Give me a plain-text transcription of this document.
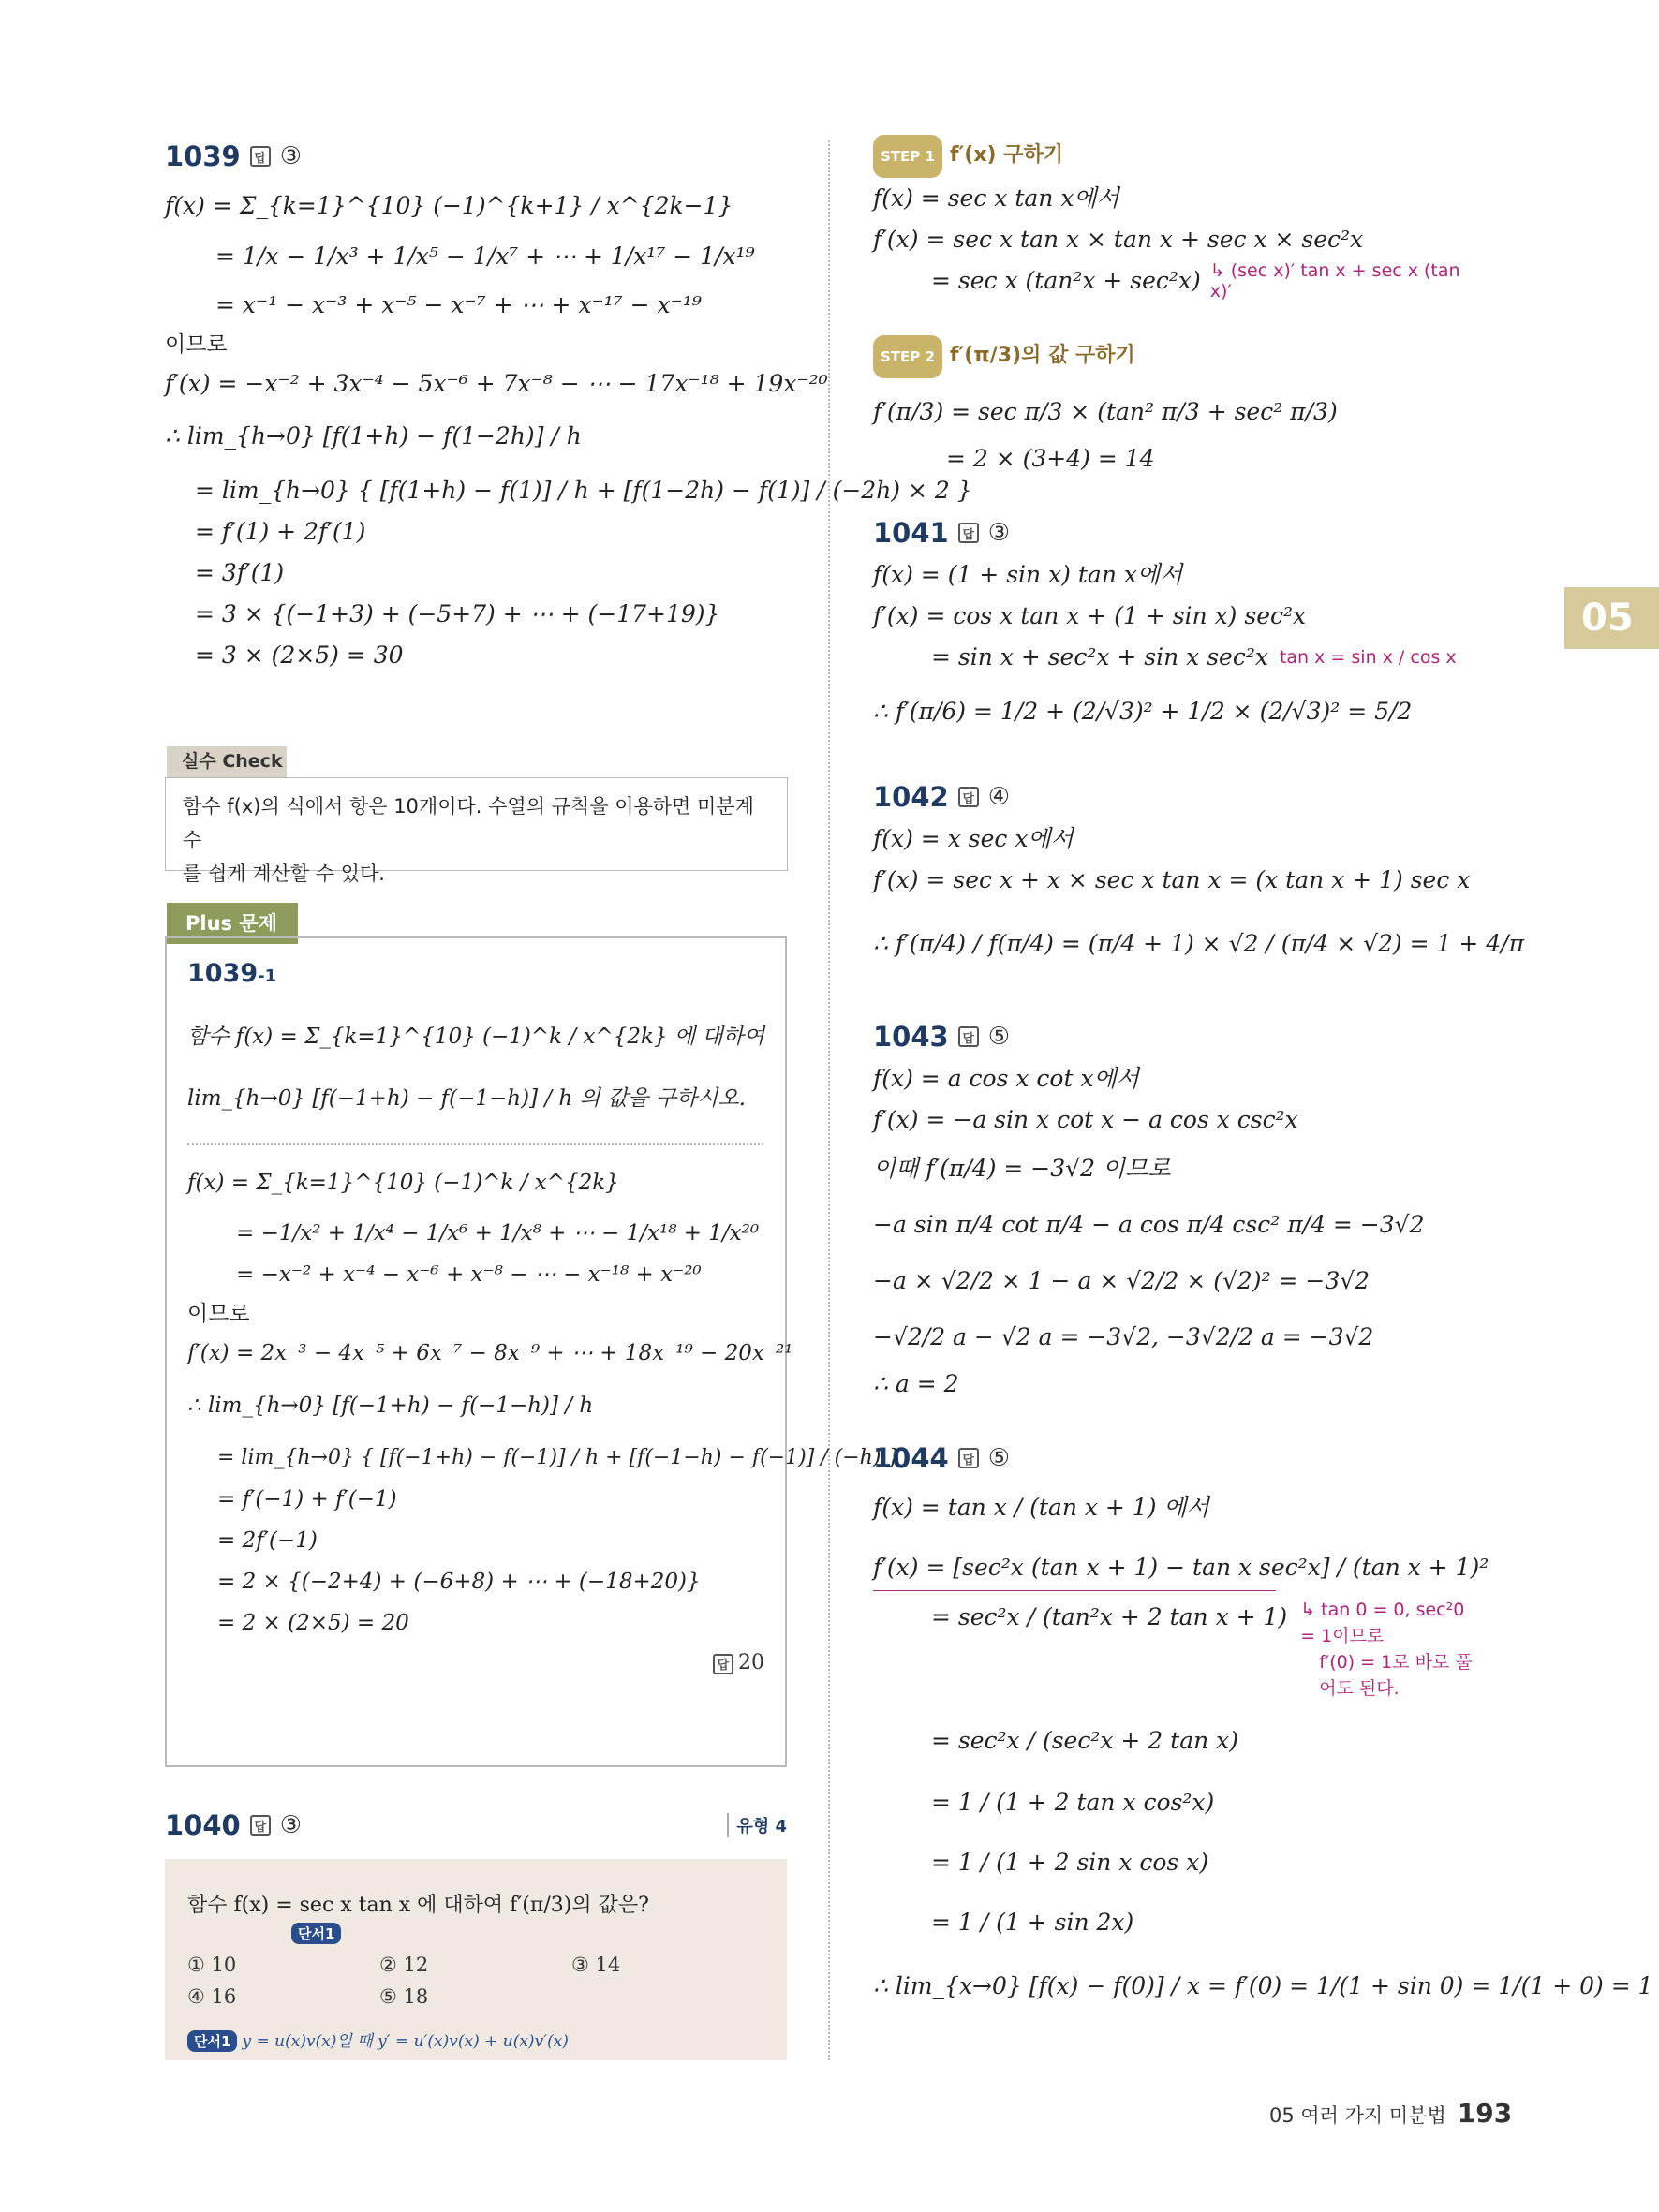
1039	답 ③
f(x) = Σ_{k=1}^{10} (−1)^{k+1} / x^{2k−1}
= 1/x − 1/x³ + 1/x⁵ − 1/x⁷ + ⋯ + 1/x¹⁷ − 1/x¹⁹
= x⁻¹ − x⁻³ + x⁻⁵ − x⁻⁷ + ⋯ + x⁻¹⁷ − x⁻¹⁹
이므로
f′(x) = −x⁻² + 3x⁻⁴ − 5x⁻⁶ + 7x⁻⁸ − ⋯ − 17x⁻¹⁸ + 19x⁻²⁰
∴ lim_{h→0} [f(1+h) − f(1−2h)] / h
= lim_{h→0} { [f(1+h) − f(1)] / h + [f(1−2h) − f(1)] / (−2h) × 2 }
= f′(1) + 2f′(1)
= 3f′(1)
= 3 × {(−1+3) + (−5+7) + ⋯ + (−17+19)}
= 3 × (2×5) = 30
실수 Check
함수 f(x)의 식에서 항은 10개이다. 수열의 규칙을 이용하면 미분계수
를 쉽게 계산할 수 있다.
Plus 문제
1039-1
함수 f(x) = Σ_{k=1}^{10} (−1)^k / x^{2k} 에 대하여
lim_{h→0} [f(−1+h) − f(−1−h)] / h 의 값을 구하시오.
f(x) = Σ_{k=1}^{10} (−1)^k / x^{2k}
= −1/x² + 1/x⁴ − 1/x⁶ + 1/x⁸ + ⋯ − 1/x¹⁸ + 1/x²⁰
= −x⁻² + x⁻⁴ − x⁻⁶ + x⁻⁸ − ⋯ − x⁻¹⁸ + x⁻²⁰
이므로
f′(x) = 2x⁻³ − 4x⁻⁵ + 6x⁻⁷ − 8x⁻⁹ + ⋯ + 18x⁻¹⁹ − 20x⁻²¹
∴ lim_{h→0} [f(−1+h) − f(−1−h)] / h
= lim_{h→0} { [f(−1+h) − f(−1)] / h + [f(−1−h) − f(−1)] / (−h) }
= f′(−1) + f′(−1)
= 2f′(−1)
= 2 × {(−2+4) + (−6+8) + ⋯ + (−18+20)}
= 2 × (2×5) = 20
답 20
1040	답 ③	유형 4
함수 f(x) = sec x tan x 에 대하여 f′(π/3)의 값은?
단서1
① 10	② 12	③ 14
④ 16	⑤ 18
단서1 y = u(x)v(x)일 때 y′ = u′(x)v(x) + u(x)v′(x)
STEP 1 f′(x) 구하기
f(x) = sec x tan x에서
f′(x) = sec x tan x × tan x + sec x × sec²x
= sec x (tan²x + sec²x) ↳ (sec x)′ tan x + sec x (tan x)′
STEP 2 f′(π/3)의 값 구하기
f′(π/3) = sec π/3 × (tan² π/3 + sec² π/3)
= 2 × (3+4) = 14
1041	답 ③
f(x) = (1 + sin x) tan x에서
f′(x) = cos x tan x + (1 + sin x) sec²x
= sin x + sec²x + sin x sec²x tan x = sin x / cos x
∴ f′(π/6) = 1/2 + (2/√3)² + 1/2 × (2/√3)² = 5/2
1042	답 ④
f(x) = x sec x에서
f′(x) = sec x + x × sec x tan x = (x tan x + 1) sec x
∴ f′(π/4) / f(π/4) = (π/4 + 1) × √2 / (π/4 × √2) = 1 + 4/π
1043	답 ⑤
f(x) = a cos x cot x에서
f′(x) = −a sin x cot x − a cos x csc²x
이때 f′(π/4) = −3√2 이므로
−a sin π/4 cot π/4 − a cos π/4 csc² π/4 = −3√2
−a × √2/2 × 1 − a × √2/2 × (√2)² = −3√2
−√2/2 a − √2 a = −3√2, −3√2/2 a = −3√2
∴ a = 2
1044	답 ⑤
f(x) = tan x / (tan x + 1) 에서
f′(x) = [sec²x (tan x + 1) − tan x sec²x] / (tan x + 1)²
= sec²x / (tan²x + 2 tan x + 1) ↳ tan 0 = 0, sec²0 = 1이므로
f′(0) = 1로 바로 풀어도 된다.
= sec²x / (sec²x + 2 tan x)
= 1 / (1 + 2 tan x cos²x)
= 1 / (1 + 2 sin x cos x)
= 1 / (1 + sin 2x)
∴ lim_{x→0} [f(x) − f(0)] / x = f′(0) = 1/(1 + sin 0) = 1/(1 + 0) = 1
05
05 여러 가지 미분법 193
